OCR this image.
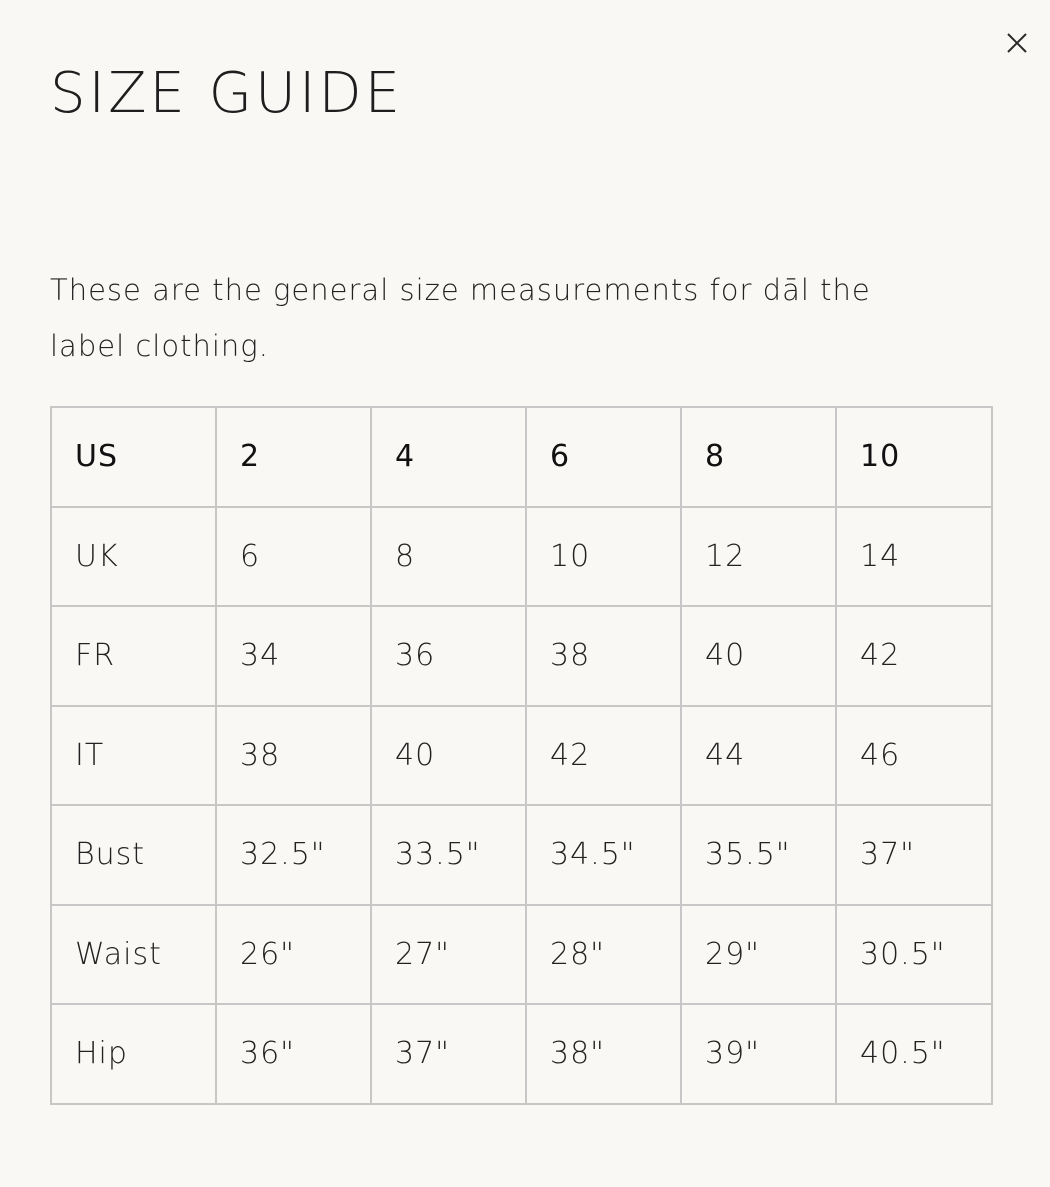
SIZE GUIDE

These are the general size measurements for dāl the label clothing.

US	2	4	6	8	10
UK	6	8	10	12	14
FR	34	36	38	40	42
IT	38	40	42	44	46
Bust	32.5"	33.5"	34.5"	35.5"	37"
Waist	26"	27"	28"	29"	30.5"
Hip	36"	37"	38"	39"	40.5"
